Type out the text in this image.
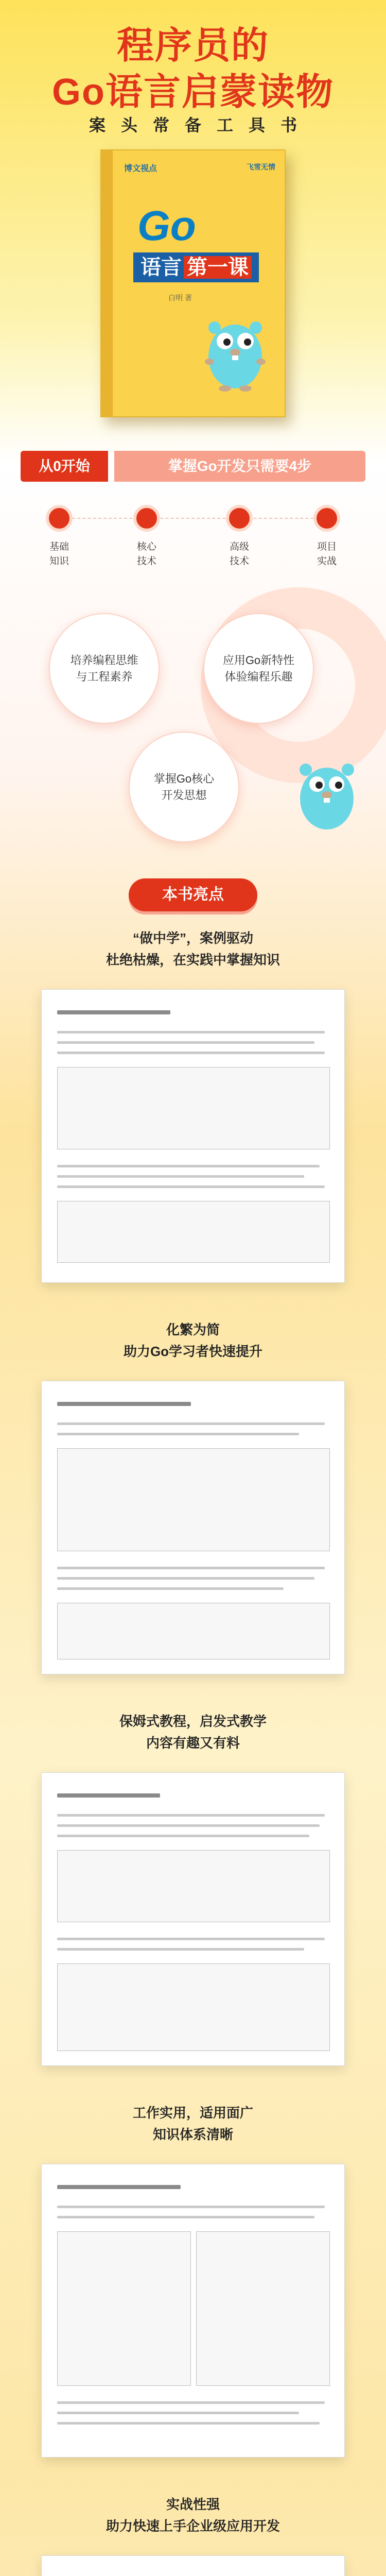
程序员的
Go语言启蒙读物
案头常备工具书
博文视点	飞雪无情
Go
语言 第一课
白明 著
从0开始	掌握Go开发只需要4步
基础
知识
核心
技术
高级
技术
项目
实战
培养编程思维
与工程素养
应用Go新特性
体验编程乐趣
掌握Go核心
开发思想
本书亮点
“做中学”，案例驱动
杜绝枯燥，在实践中掌握知识
化繁为简
助力Go学习者快速提升
保姆式教程，启发式教学
内容有趣又有料
工作实用，适用面广
知识体系清晰
实战性强
助力快速上手企业级应用开发
